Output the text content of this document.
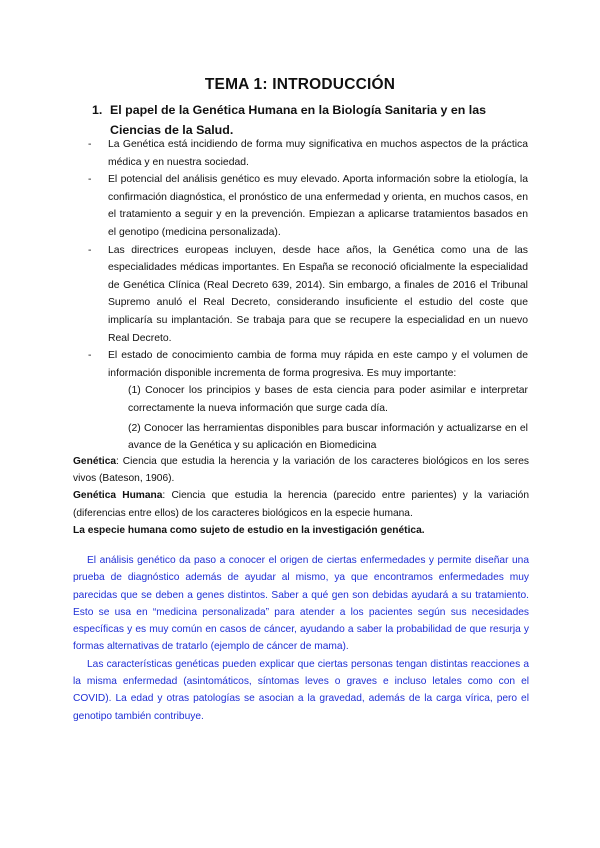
TEMA 1: INTRODUCCIÓN
1. El papel de la Genética Humana en la Biología Sanitaria y en las Ciencias de la Salud.

- La Genética está incidiendo de forma muy significativa en muchos aspectos de la práctica médica y en nuestra sociedad.

- El potencial del análisis genético es muy elevado. Aporta información sobre la etiología, la confirmación diagnóstica, el pronóstico de una enfermedad y orienta, en muchos casos, en el tratamiento a seguir y en la prevención. Empiezan a aplicarse tratamientos basados en el genotipo (medicina personalizada).

- Las directrices europeas incluyen, desde hace años, la Genética como una de las especialidades médicas importantes. En España se reconoció oficialmente la especialidad de Genética Clínica (Real Decreto 639, 2014). Sin embargo, a finales de 2016 el Tribunal Supremo anuló el Real Decreto, considerando insuficiente el estudio del coste que implicaría su implantación. Se trabaja para que se recupere la especialidad en un nuevo Real Decreto.

- El estado de conocimiento cambia de forma muy rápida en este campo y el volumen de información disponible incrementa de forma progresiva. Es muy importante:

(1) Conocer los principios y bases de esta ciencia para poder asimilar e interpretar correctamente la nueva información que surge cada día.

(2) Conocer las herramientas disponibles para buscar información y actualizarse en el avance de la Genética y su aplicación en Biomedicina

Genética: Ciencia que estudia la herencia y la variación de los caracteres biológicos en los seres vivos (Bateson, 1906).

Genética Humana: Ciencia que estudia la herencia (parecido entre parientes) y la variación (diferencias entre ellos) de los caracteres biológicos en la especie humana.

La especie humana como sujeto de estudio en la investigación genética.

El análisis genético da paso a conocer el origen de ciertas enfermedades y permite diseñar una prueba de diagnóstico además de ayudar al mismo, ya que encontramos enfermedades muy parecidas que se deben a genes distintos. Saber a qué gen son debidas ayudará a su tratamiento. Esto se usa en “medicina personalizada” para atender a los pacientes según sus necesidades específicas y es muy común en casos de cáncer, ayudando a saber la probabilidad de que resurja y formas alternativas de tratarlo (ejemplo de cáncer de mama).

Las características genéticas pueden explicar que ciertas personas tengan distintas reacciones a la misma enfermedad (asintomáticos, síntomas leves o graves e incluso letales como con el COVID). La edad y otras patologías se asocian a la gravedad, además de la carga vírica, pero el genotipo también contribuye.
